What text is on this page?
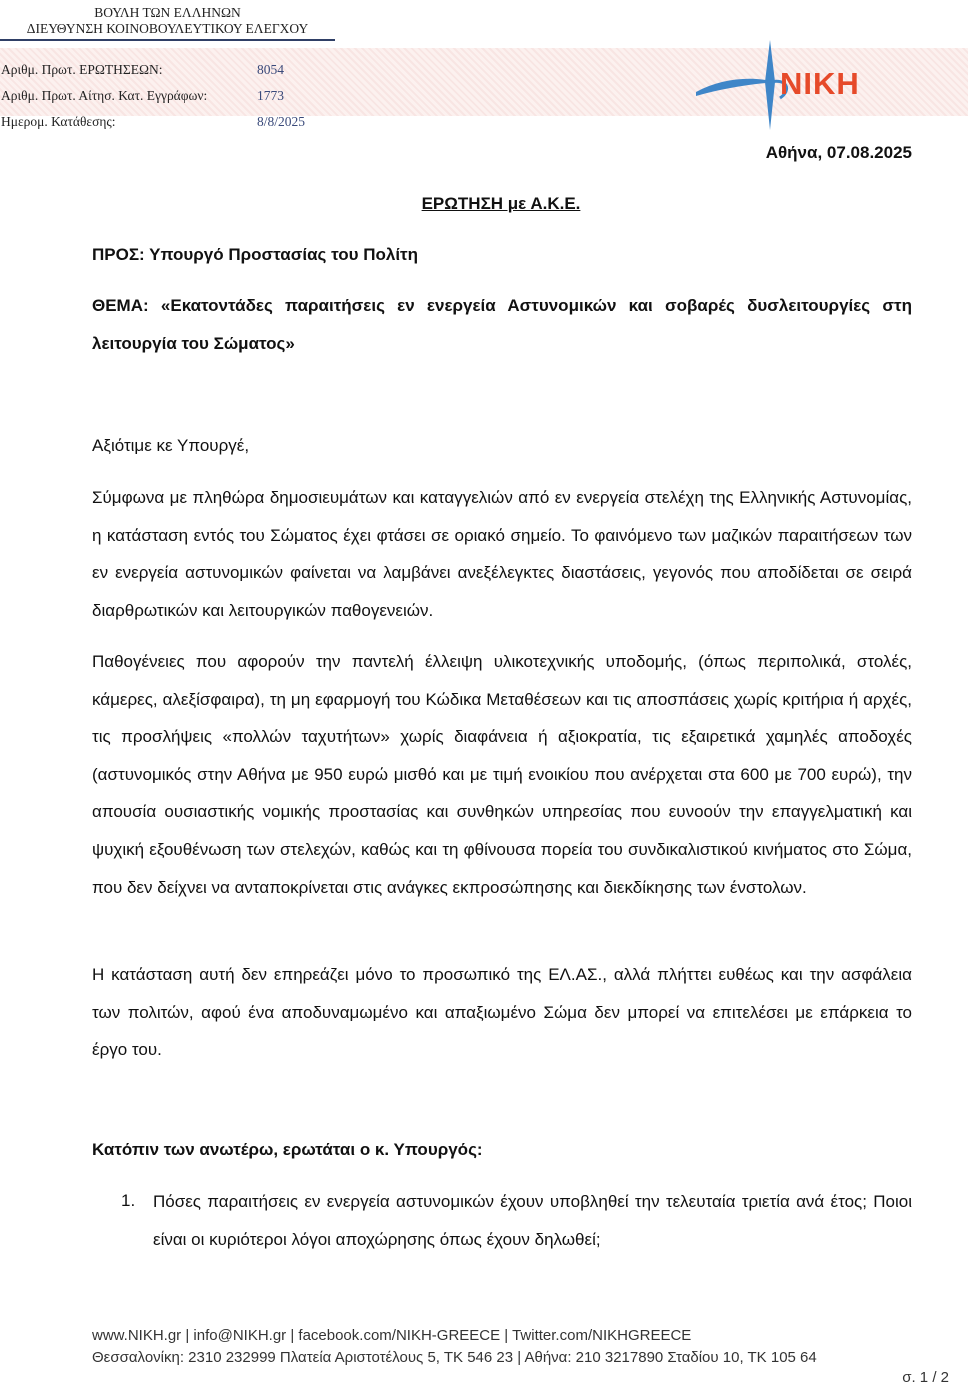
ΒΟΥΛΗ ΤΩΝ ΕΛΛΗΝΩΝ
ΔΙΕΥΘΥΝΣΗ ΚΟΙΝΟΒΟΥΛΕΥΤΙΚΟΥ ΕΛΕΓΧΟΥ
Αριθμ. Πρωτ. ΕΡΩΤΗΣΕΩΝ:	8054
Αριθμ. Πρωτ. Αίτησ. Κατ. Εγγράφων:	1773
Ημερομ. Κατάθεσης:	8/8/2025
NIKH
Αθήνα, 07.08.2025
ΕΡΩΤΗΣΗ με Α.Κ.Ε.
ΠΡΟΣ: Υπουργό Προστασίας του Πολίτη
ΘΕΜΑ: «Εκατοντάδες παραιτήσεις εν ενεργεία Αστυνομικών και σοβαρές δυσλειτουργίες στη λειτουργία του Σώματος»
Αξιότιμε κε Υπουργέ,
Σύμφωνα με πληθώρα δημοσιευμάτων και καταγγελιών από εν ενεργεία στελέχη της Ελληνικής Αστυνομίας, η κατάσταση εντός του Σώματος έχει φτάσει σε οριακό σημείο. Το φαινόμενο των μαζικών παραιτήσεων των εν ενεργεία αστυνομικών φαίνεται να λαμβάνει ανεξέλεγκτες διαστάσεις, γεγονός που αποδίδεται σε σειρά διαρθρωτικών και λειτουργικών παθογενειών.
Παθογένειες που αφορούν την παντελή έλλειψη υλικοτεχνικής υποδομής, (όπως περιπολικά, στολές, κάμερες, αλεξίσφαιρα), τη μη εφαρμογή του Κώδικα Μεταθέσεων και τις αποσπάσεις χωρίς κριτήρια ή αρχές, τις προσλήψεις «πολλών ταχυτήτων» χωρίς διαφάνεια ή αξιοκρατία, τις εξαιρετικά χαμηλές αποδοχές (αστυνομικός στην Αθήνα με 950 ευρώ μισθό και με τιμή ενοικίου που ανέρχεται στα 600 με 700 ευρώ), την απουσία ουσιαστικής νομικής προστασίας και συνθηκών υπηρεσίας που ευνοούν την επαγγελματική και ψυχική εξουθένωση των στελεχών, καθώς και τη φθίνουσα πορεία του συνδικαλιστικού κινήματος στο Σώμα, που δεν δείχνει να ανταποκρίνεται στις ανάγκες εκπροσώπησης και διεκδίκησης των ένστολων.
Η κατάσταση αυτή δεν επηρεάζει μόνο το προσωπικό της ΕΛ.ΑΣ., αλλά πλήττει ευθέως και την ασφάλεια των πολιτών, αφού ένα αποδυναμωμένο και απαξιωμένο Σώμα δεν μπορεί να επιτελέσει με επάρκεια το έργο του.
Κατόπιν των ανωτέρω, ερωτάται ο κ. Υπουργός:
1. Πόσες παραιτήσεις εν ενεργεία αστυνομικών έχουν υποβληθεί την τελευταία τριετία ανά έτος; Ποιοι είναι οι κυριότεροι λόγοι αποχώρησης όπως έχουν δηλωθεί;
www.NIKH.gr | info@NIKH.gr | facebook.com/NIKH-GREECE | Twitter.com/NIKHGREECE
Θεσσαλονίκη: 2310 232999 Πλατεία Αριστοτέλους 5, ΤΚ 546 23 | Αθήνα: 210 3217890 Σταδίου 10, ΤΚ 105 64
σ. 1 / 2
